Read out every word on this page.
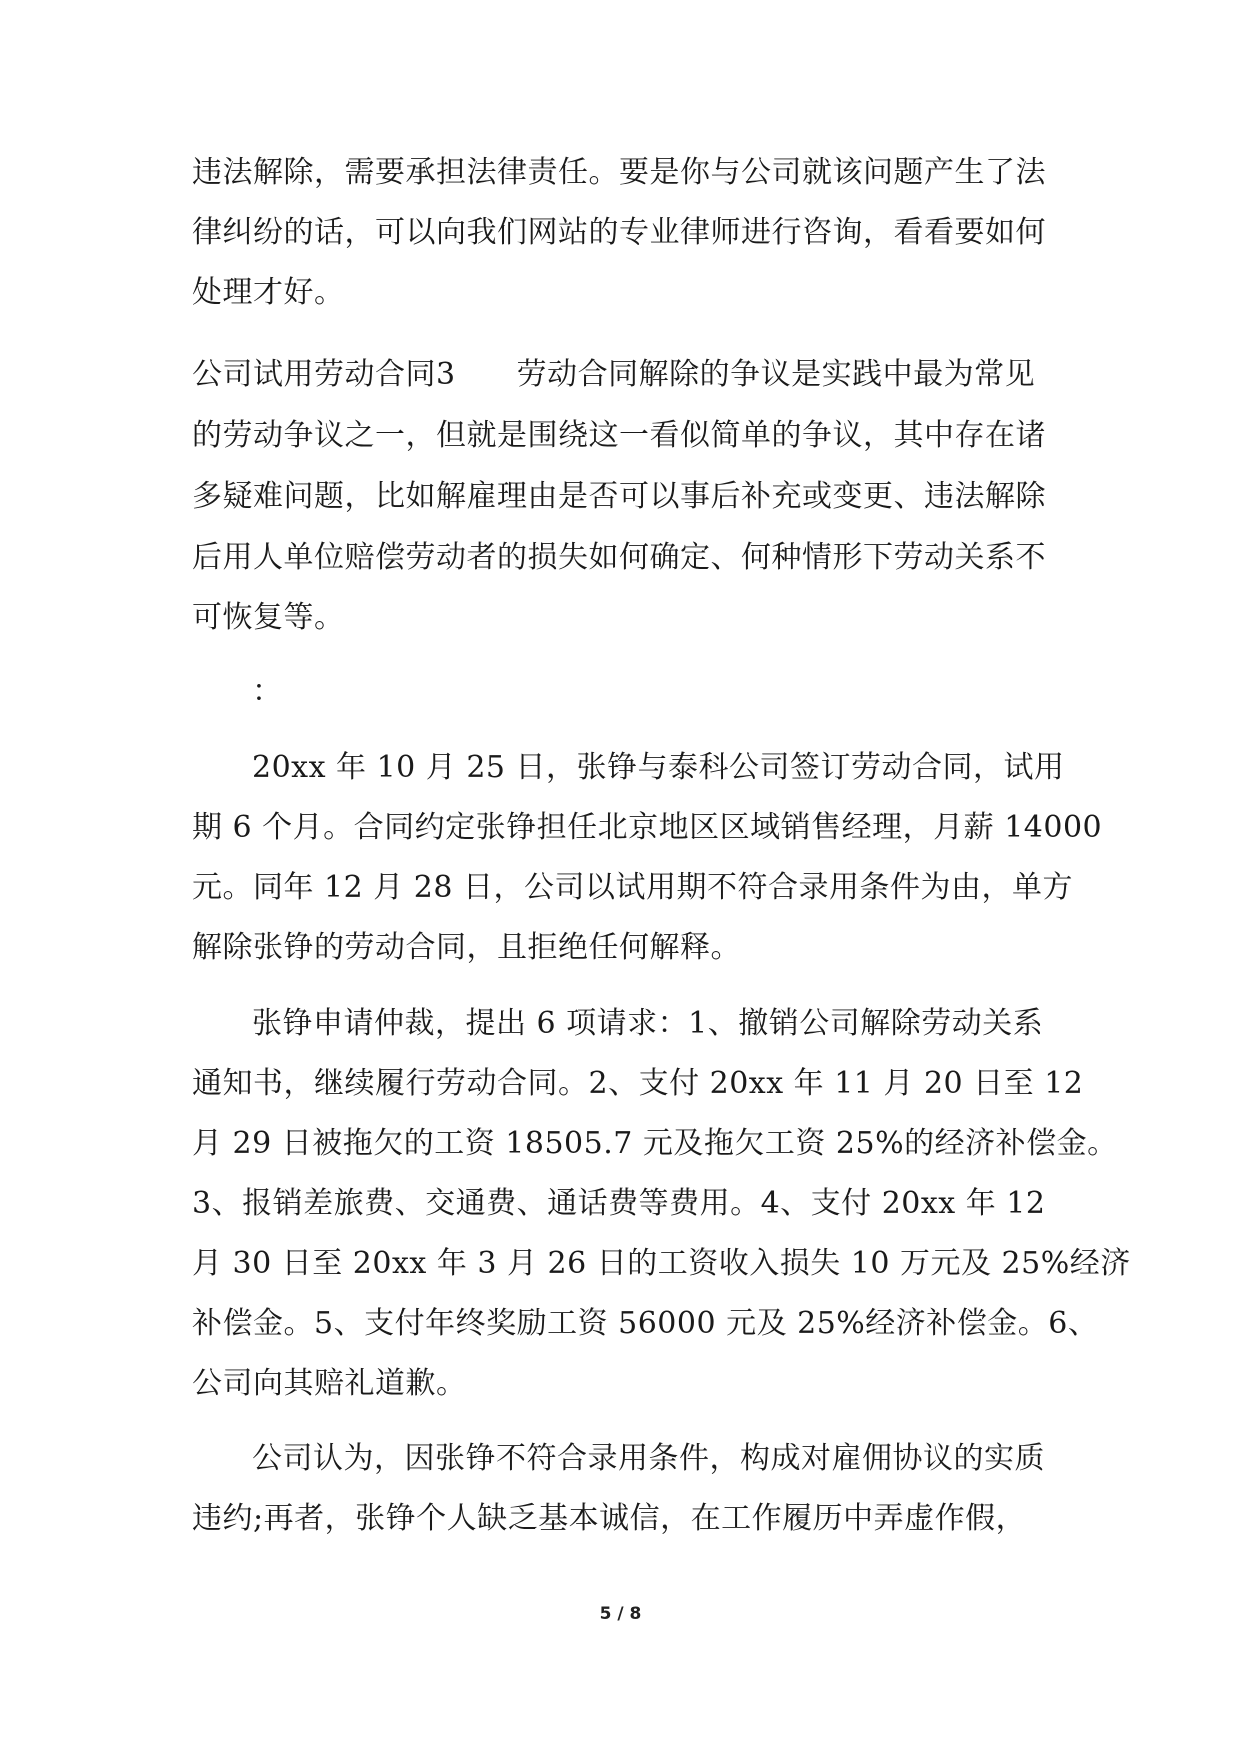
违法解除，需要承担法律责任。要是你与公司就该问题产生了法
律纠纷的话，可以向我们网站的专业律师进行咨询，看看要如何
处理才好。
公司试用劳动合同3　　劳动合同解除的争议是实践中最为常见
的劳动争议之一，但就是围绕这一看似简单的争议，其中存在诸
多疑难问题，比如解雇理由是否可以事后补充或变更、违法解除
后用人单位赔偿劳动者的损失如何确定、何种情形下劳动关系不
可恢复等。
：
20xx 年 10 月 25 日，张铮与泰科公司签订劳动合同，试用
期 6 个月。合同约定张铮担任北京地区区域销售经理，月薪 14000
元。同年 12 月 28 日，公司以试用期不符合录用条件为由，单方
解除张铮的劳动合同，且拒绝任何解释。
张铮申请仲裁，提出 6 项请求：1、撤销公司解除劳动关系
通知书，继续履行劳动合同。2、支付 20xx 年 11 月 20 日至 12
月 29 日被拖欠的工资 18505.7 元及拖欠工资 25%的经济补偿金。
3、报销差旅费、交通费、通话费等费用。4、支付 20xx 年 12
月 30 日至 20xx 年 3 月 26 日的工资收入损失 10 万元及 25%经济
补偿金。5、支付年终奖励工资 56000 元及 25%经济补偿金。6、
公司向其赔礼道歉。
公司认为，因张铮不符合录用条件，构成对雇佣协议的实质
违约;再者，张铮个人缺乏基本诚信，在工作履历中弄虚作假，
5 / 8
